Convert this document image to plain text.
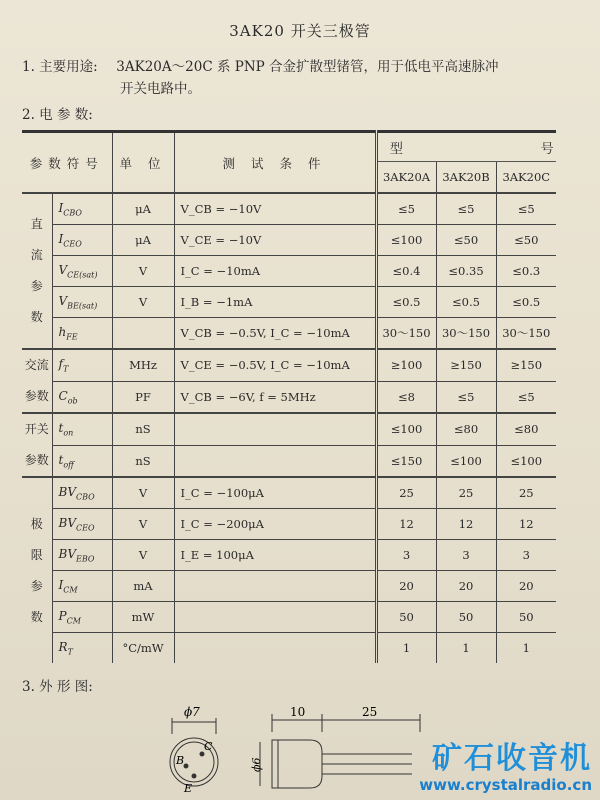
3AK20 开关三极管
1. 主要用途: 3AK20A～20C 系 PNP 合金扩散型锗管，用于低电平高速脉冲
开关电路中。
2. 电 参 数:
参数符号		单 位	测 试 条 件	型 号		
				3AK20A	3AK20B	3AK20C
直
流
参
数	$I_{CBO}$	μA	V_CB = −10V	≤5	≤5	≤5
	$I_{CEO}$	μA	V_CE = −10V	≤100	≤50	≤50
	$V_{CE(sat)}$	V	I_C = −10mA	≤0.4	≤0.35	≤0.3
	$V_{BE(sat)}$	V	I_B = −1mA	≤0.5	≤0.5	≤0.5
	$h_{FE}$		V_CB = −0.5V, I_C = −10mA	30～150	30～150	30～150
交流
参数	$f_T$	MHz	V_CE = −0.5V, I_C = −10mA	≥100	≥150	≥150
	$C_{ob}$	PF	V_CB = −6V, f = 5MHz	≤8	≤5	≤5
开关
参数	$t_{on}$	nS		≤100	≤80	≤80
	$t_{off}$	nS		≤150	≤100	≤100
极
限
参
数	$BV_{CBO}$	V	I_C = −100μA	25	25	25
	$BV_{CEO}$	V	I_C = −200μA	12	12	12
	$BV_{EBO}$	V	I_E = 100μA	3	3	3
	$I_{CM}$	mA		20	20	20
	$P_{CM}$	mW		50	50	50
	$R_T$	°C/mW		1	1	1
3. 外 形 图:
ϕ7
C
B
E
10	25
ϕ6	矿石收音机
www.crystalradio.cn
